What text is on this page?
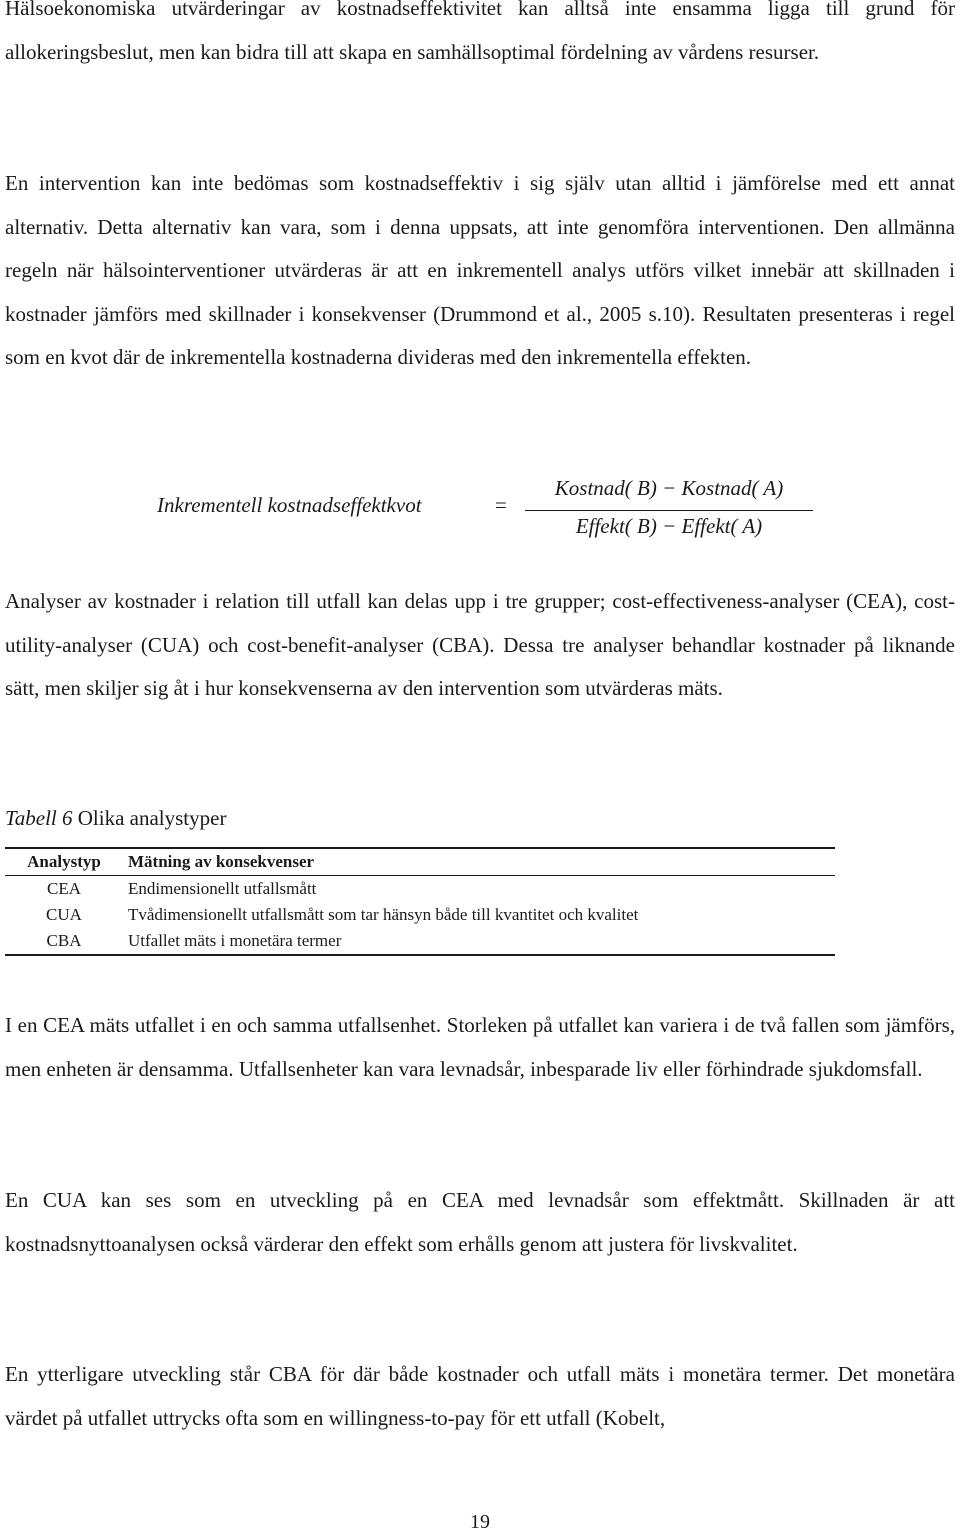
Hälsoekonomiska utvärderingar av kostnadseffektivitet kan alltså inte ensamma ligga till grund för allokeringsbeslut, men kan bidra till att skapa en samhällsoptimal fördelning av vårdens resurser.

En intervention kan inte bedömas som kostnadseffektiv i sig själv utan alltid i jämförelse med ett annat alternativ. Detta alternativ kan vara, som i denna uppsats, att inte genomföra interventionen. Den allmänna regeln när hälsointerventioner utvärderas är att en inkrementell analys utförs vilket innebär att skillnaden i kostnader jämförs med skillnader i konsekvenser (Drummond et al., 2005 s.10). Resultaten presenteras i regel som en kvot där de inkrementella kostnaderna divideras med den inkrementella effekten.

Inkrementell kostnadseffektkvot	=
Kostnad( B) − Kostnad( A)
Effekt( B) − Effekt( A)

Analyser av kostnader i relation till utfall kan delas upp i tre grupper; cost-effectiveness-analyser (CEA), cost-utility-analyser (CUA) och cost-benefit-analyser (CBA). Dessa tre analyser behandlar kostnader på liknande sätt, men skiljer sig åt i hur konsekvenserna av den intervention som utvärderas mäts.

Tabell 6 Olika analystyper
Analystyp	Mätning av konsekvenser
CEA	Endimensionellt utfallsmått
CUA	Tvådimensionellt utfallsmått som tar hänsyn både till kvantitet och kvalitet
CBA	Utfallet mäts i monetära termer

I en CEA mäts utfallet i en och samma utfallsenhet. Storleken på utfallet kan variera i de två fallen som jämförs, men enheten är densamma. Utfallsenheter kan vara levnadsår, inbesparade liv eller förhindrade sjukdomsfall.

En CUA kan ses som en utveckling på en CEA med levnadsår som effektmått. Skillnaden är att kostnadsnyttoanalysen också värderar den effekt som erhålls genom att justera för livskvalitet.

En ytterligare utveckling står CBA för där både kostnader och utfall mäts i monetära termer. Det monetära värdet på utfallet uttrycks ofta som en willingness-to-pay för ett utfall (Kobelt,

19
